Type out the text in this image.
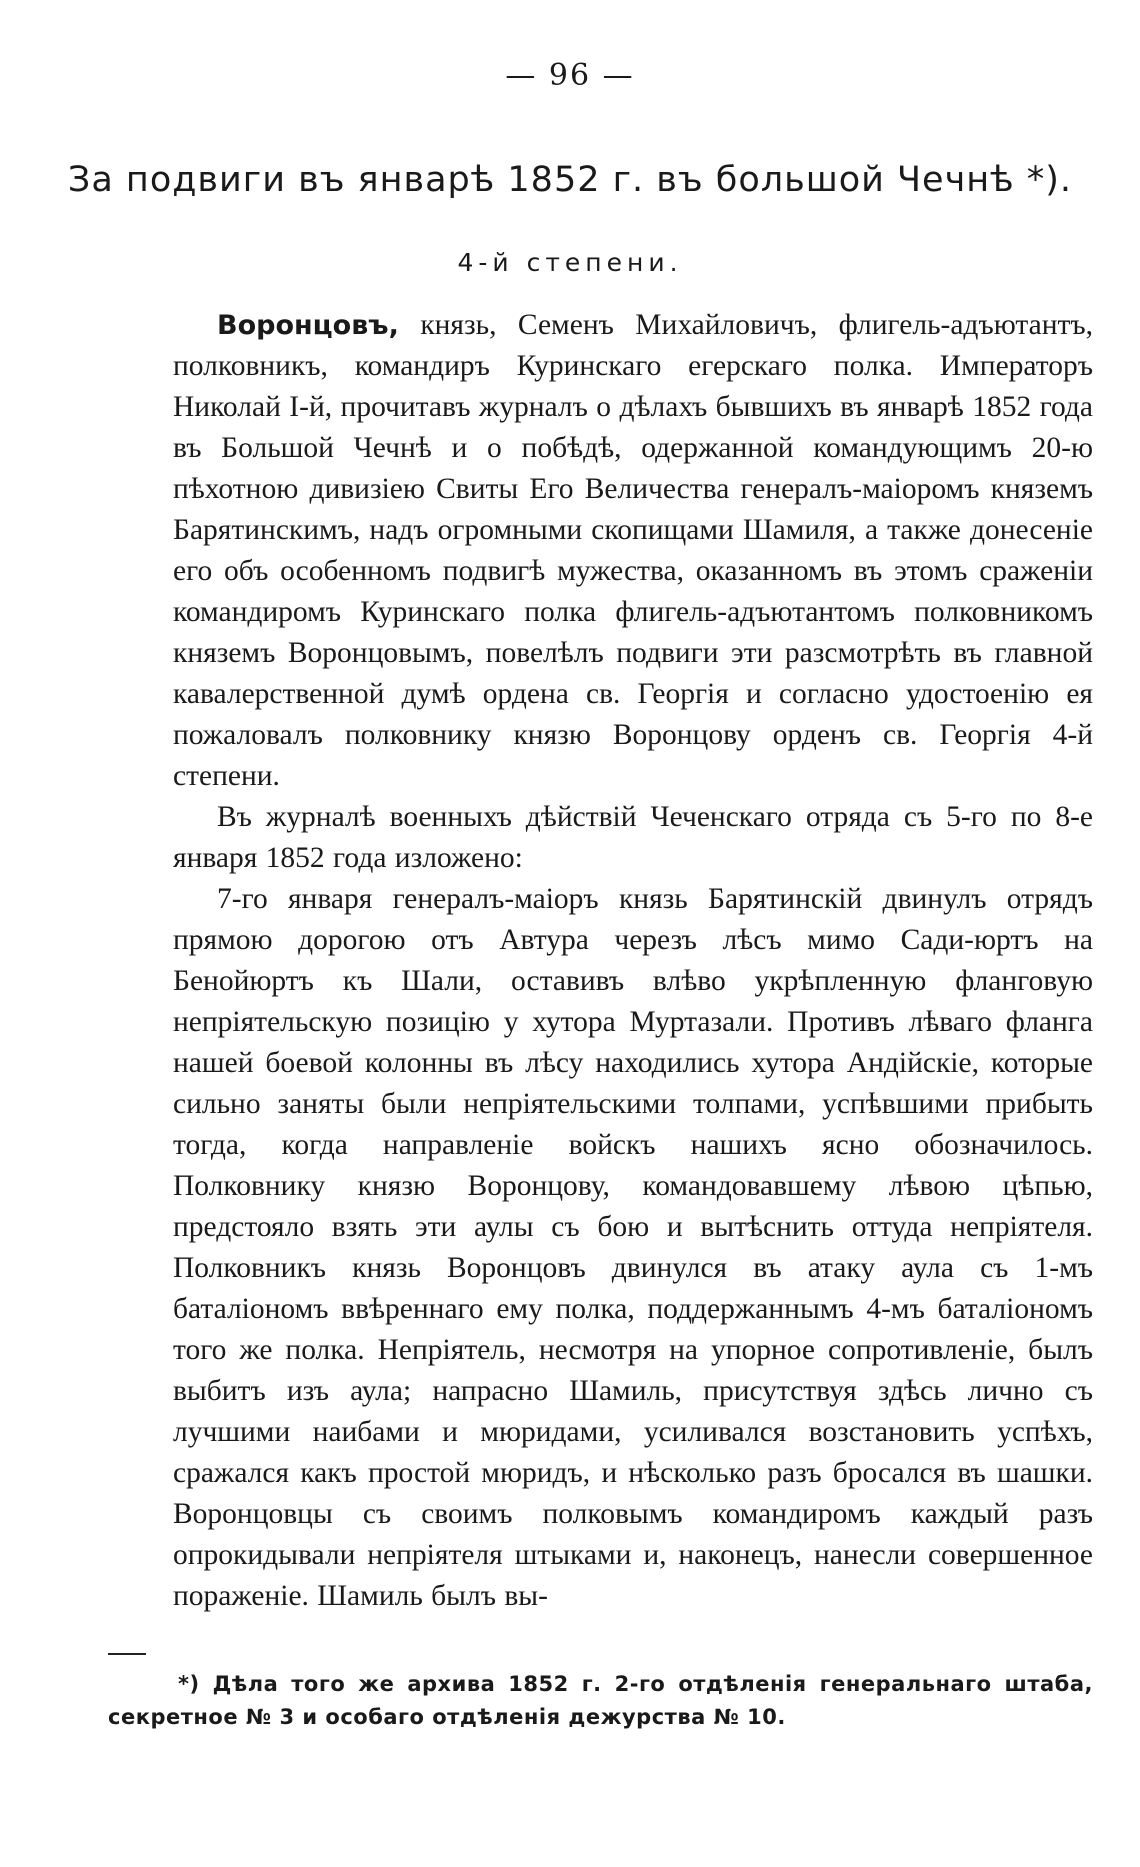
— 96 —
За подвиги въ январѣ 1852 г. въ большой Чечнѣ *).
4-й степени.

Воронцовъ, князь, Семенъ Михайловичъ, флигель-адъютантъ, полковникъ, командиръ Куринскаго егерскаго полка. Императоръ Николай І-й, прочитавъ журналъ о дѣлахъ бывшихъ въ январѣ 1852 года въ Большой Чечнѣ и о побѣдѣ, одержанной командующимъ 20-ю пѣхотною дивизiею Свиты Его Величества генералъ-маiоромъ княземъ Барятинскимъ, надъ огромными скопищами Шамиля, а также донесенiе его объ особенномъ подвигѣ мужества, оказанномъ въ этомъ сраженiи командиромъ Куринскаго полка флигель-адъютантомъ полковникомъ княземъ Воронцовымъ, повелѣлъ подвиги эти разсмотрѣть въ главной кавалерственной думѣ ордена св. Георгiя и согласно удостоенiю ея пожаловалъ полковнику князю Воронцову орденъ св. Георгiя 4-й степени.

Въ журналѣ военныхъ дѣйствiй Чеченскаго отряда съ 5-го по 8-е января 1852 года изложено:

7-го января генералъ-маiоръ князь Барятинскiй двинулъ отрядъ прямою дорогою отъ Автура черезъ лѣсъ мимо Сади-юртъ на Бенойюртъ къ Шали, оставивъ влѣво укрѣпленную фланговую непрiятельскую позицiю у хутора Муртазали. Противъ лѣваго фланга нашей боевой колонны въ лѣсу находились хутора Андiйскiе, которые сильно заняты были непрiятельскими толпами, успѣвшими прибыть тогда, когда направленiе войскъ нашихъ ясно обозначилось. Полковнику князю Воронцову, командовавшему лѣвою цѣпью, предстояло взять эти аулы съ бою и вытѣснить оттуда непрiятеля. Полковникъ князь Воронцовъ двинулся въ атаку аула съ 1-мъ баталiономъ ввѣреннаго ему полка, поддержаннымъ 4-мъ баталiономъ того же полка. Непрiятель, несмотря на упорное сопротивленiе, былъ выбитъ изъ аула; напрасно Шамиль, присутствуя здѣсь лично съ лучшими наибами и мюридами, усиливался возстановить успѣхъ, сражался какъ простой мюридъ, и нѣсколько разъ бросался въ шашки. Воронцовцы съ своимъ полковымъ командиромъ каждый разъ опрокидывали непрiятеля штыками и, наконецъ, нанесли совершенное пораженiе. Шамиль былъ вы-

*) Дѣла того же архива 1852 г. 2-го отдѣленiя генеральнаго штаба, секретное № 3 и особаго отдѣленiя дежурства № 10.
